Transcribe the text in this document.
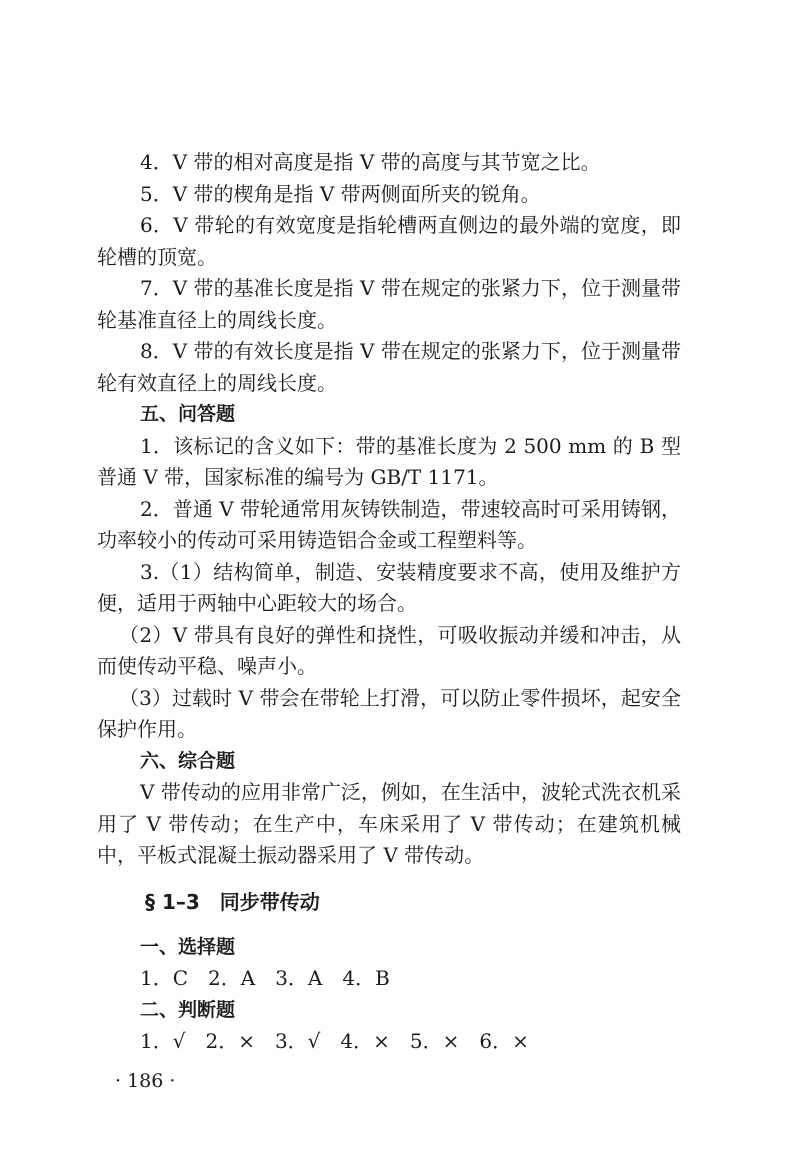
4．V 带的相对高度是指 V 带的高度与其节宽之比。

5．V 带的楔角是指 V 带两侧面所夹的锐角。

6．V 带轮的有效宽度是指轮槽两直侧边的最外端的宽度，即轮槽的顶宽。

7．V 带的基准长度是指 V 带在规定的张紧力下，位于测量带轮基准直径上的周线长度。

8．V 带的有效长度是指 V 带在规定的张紧力下，位于测量带轮有效直径上的周线长度。

五、问答题

1．该标记的含义如下：带的基准长度为 2 500 mm 的 B 型普通 V 带，国家标准的编号为 GB/T 1171。

2．普通 V 带轮通常用灰铸铁制造，带速较高时可采用铸钢，功率较小的传动可采用铸造铝合金或工程塑料等。

3.（1）结构简单，制造、安装精度要求不高，使用及维护方便，适用于两轴中心距较大的场合。

（2）V 带具有良好的弹性和挠性，可吸收振动并缓和冲击，从而使传动平稳、噪声小。

（3）过载时 V 带会在带轮上打滑，可以防止零件损坏，起安全保护作用。

六、综合题

V 带传动的应用非常广泛，例如，在生活中，波轮式洗衣机采用了 V 带传动；在生产中，车床采用了 V 带传动；在建筑机械中，平板式混凝土振动器采用了 V 带传动。

§ 1–3　同步带传动

一、选择题

1．C　2．A　3．A　4．B

二、判断题

1．√　2．×　3．√　4．×　5．×　6．×

· 186 ·
